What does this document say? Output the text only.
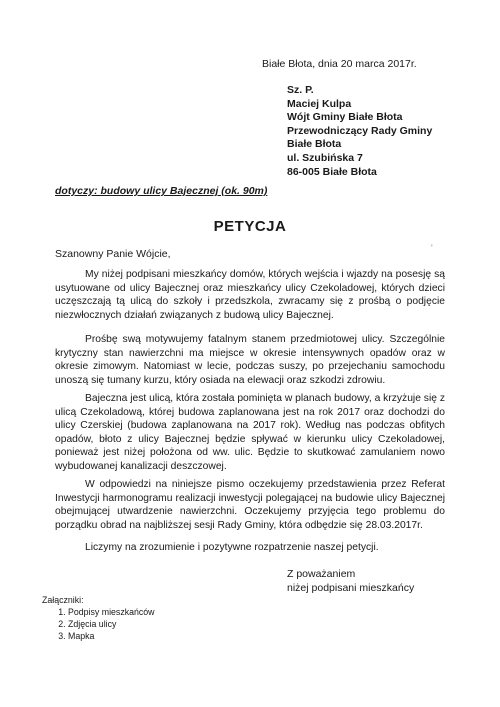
Białe Błota, dnia 20 marca 2017r.
Sz. P.
Maciej Kulpa
Wójt Gminy Białe Błota
Przewodniczący Rady Gminy
Białe Błota
ul. Szubińska 7
86-005 Białe Błota
dotyczy: budowy ulicy Bajecznej (ok. 90m)
PETYCJA
Szanowny Panie Wójcie,	'
My niżej podpisani mieszkańcy domów, których wejścia i wjazdy na posesję są usytuowane od ulicy Bajecznej oraz mieszkańcy ulicy Czekoladowej, których dzieci uczęszczają tą ulicą do szkoły i przedszkola, zwracamy się z prośbą o podjęcie niezwłocznych działań związanych z budową ulicy Bajecznej.
Prośbę swą motywujemy fatalnym stanem przedmiotowej ulicy. Szczególnie krytyczny stan nawierzchni ma miejsce w okresie intensywnych opadów oraz w okresie zimowym. Natomiast w lecie, podczas suszy, po przejechaniu samochodu unoszą się tumany kurzu, który osiada na elewacji oraz szkodzi zdrowiu.
Bajeczna jest ulicą, która została pominięta w planach budowy, a krzyżuje się z ulicą Czekoladową, której budowa zaplanowana jest na rok 2017 oraz dochodzi do ulicy Czerskiej (budowa zaplanowana na 2017 rok). Według nas podczas obfitych opadów, błoto z ulicy Bajecznej będzie spływać w kierunku ulicy Czekoladowej, ponieważ jest niżej położona od ww. ulic. Będzie to skutkować zamulaniem nowo wybudowanej kanalizacji deszczowej.
W odpowiedzi na niniejsze pismo oczekujemy przedstawienia przez Referat Inwestycji harmonogramu realizacji inwestycji polegającej na budowie ulicy Bajecznej obejmującej utwardzenie nawierzchni. Oczekujemy przyjęcia tego problemu do porządku obrad na najbliższej sesji Rady Gminy, która odbędzie się 28.03.2017r.
Liczymy na zrozumienie i pozytywne rozpatrzenie naszej petycji.
Z poważaniem
niżej podpisani mieszkańcy
Załączniki:
1. Podpisy mieszkańców
2. Zdjęcia ulicy
3. Mapka
